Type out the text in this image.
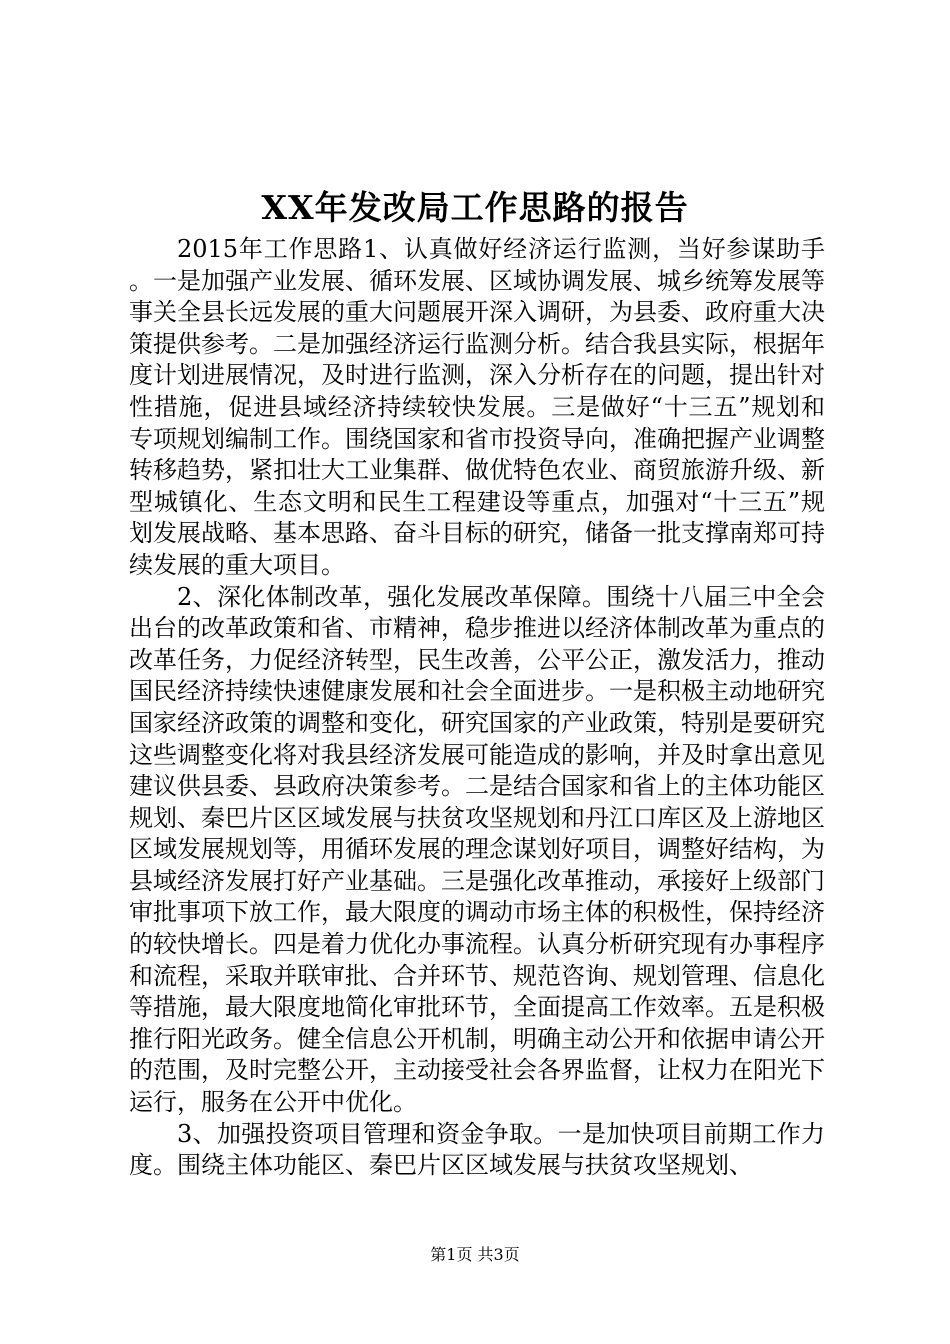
XX年发改局工作思路的报告

2015年工作思路1、认真做好经济运行监测，当好参谋助手。一是加强产业发展、循环发展、区域协调发展、城乡统筹发展等事关全县长远发展的重大问题展开深入调研，为县委、政府重大决策提供参考。二是加强经济运行监测分析。结合我县实际，根据年度计划进展情况，及时进行监测，深入分析存在的问题，提出针对性措施，促进县域经济持续较快发展。三是做好“十三五”规划和专项规划编制工作。围绕国家和省市投资导向，准确把握产业调整转移趋势，紧扣壮大工业集群、做优特色农业、商贸旅游升级、新型城镇化、生态文明和民生工程建设等重点，加强对“十三五”规划发展战略、基本思路、奋斗目标的研究，储备一批支撑南郑可持续发展的重大项目。

2、深化体制改革，强化发展改革保障。围绕十八届三中全会出台的改革政策和省、市精神，稳步推进以经济体制改革为重点的改革任务，力促经济转型，民生改善，公平公正，激发活力，推动国民经济持续快速健康发展和社会全面进步。一是积极主动地研究国家经济政策的调整和变化，研究国家的产业政策，特别是要研究这些调整变化将对我县经济发展可能造成的影响，并及时拿出意见建议供县委、县政府决策参考。二是结合国家和省上的主体功能区规划、秦巴片区区域发展与扶贫攻坚规划和丹江口库区及上游地区区域发展规划等，用循环发展的理念谋划好项目，调整好结构，为县域经济发展打好产业基础。三是强化改革推动，承接好上级部门审批事项下放工作，最大限度的调动市场主体的积极性，保持经济的较快增长。四是着力优化办事流程。认真分析研究现有办事程序和流程，采取并联审批、合并环节、规范咨询、规划管理、信息化等措施，最大限度地简化审批环节，全面提高工作效率。五是积极推行阳光政务。健全信息公开机制，明确主动公开和依据申请公开的范围，及时完整公开，主动接受社会各界监督，让权力在阳光下运行，服务在公开中优化。

3、加强投资项目管理和资金争取。一是加快项目前期工作力度。围绕主体功能区、秦巴片区区域发展与扶贫攻坚规划、

第1页 共3页
